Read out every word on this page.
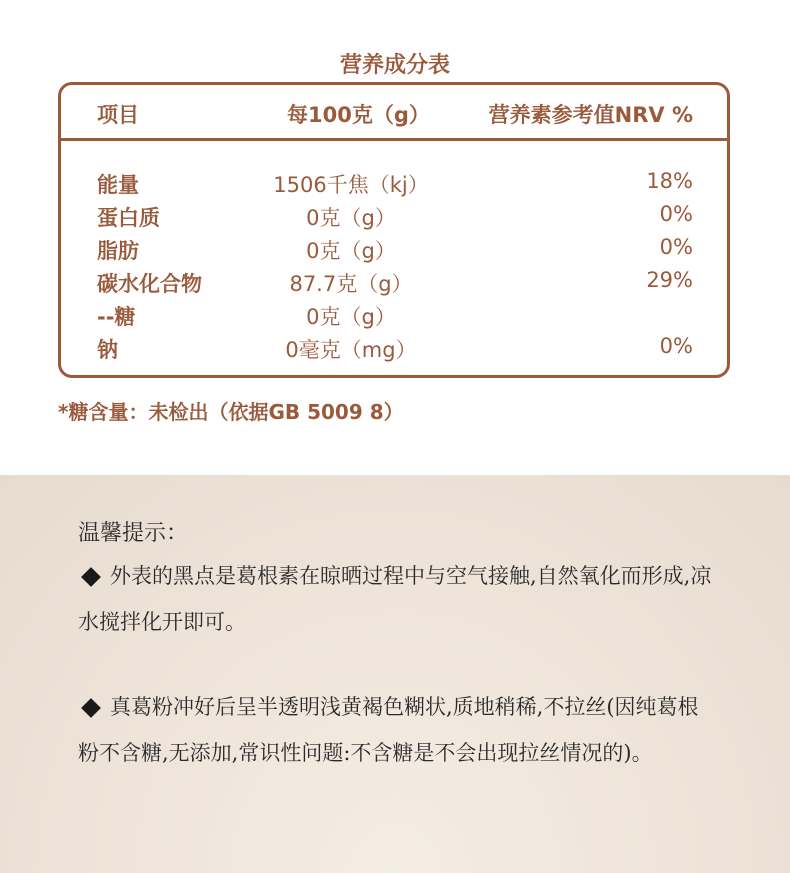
营养成分表
项目	每100克（g）	营养素参考值NRV %
能量	1506千焦（kj）	18%
蛋白质	0克（g）	0%
脂肪	0克（g）	0%
碳水化合物	87.7克（g）	29%
--糖	0克（g）
钠	0毫克（mg）	0%
*糖含量：未检出（依据GB 5009 8）
温馨提示：
外表的黑点是葛根素在晾晒过程中与空气接触,自然氧化而形成,凉水搅拌化开即可。
真葛粉冲好后呈半透明浅黄褐色糊状,质地稍稀,不拉丝(因纯葛根粉不含糖,无添加,常识性问题:不含糖是不会出现拉丝情况的)。
